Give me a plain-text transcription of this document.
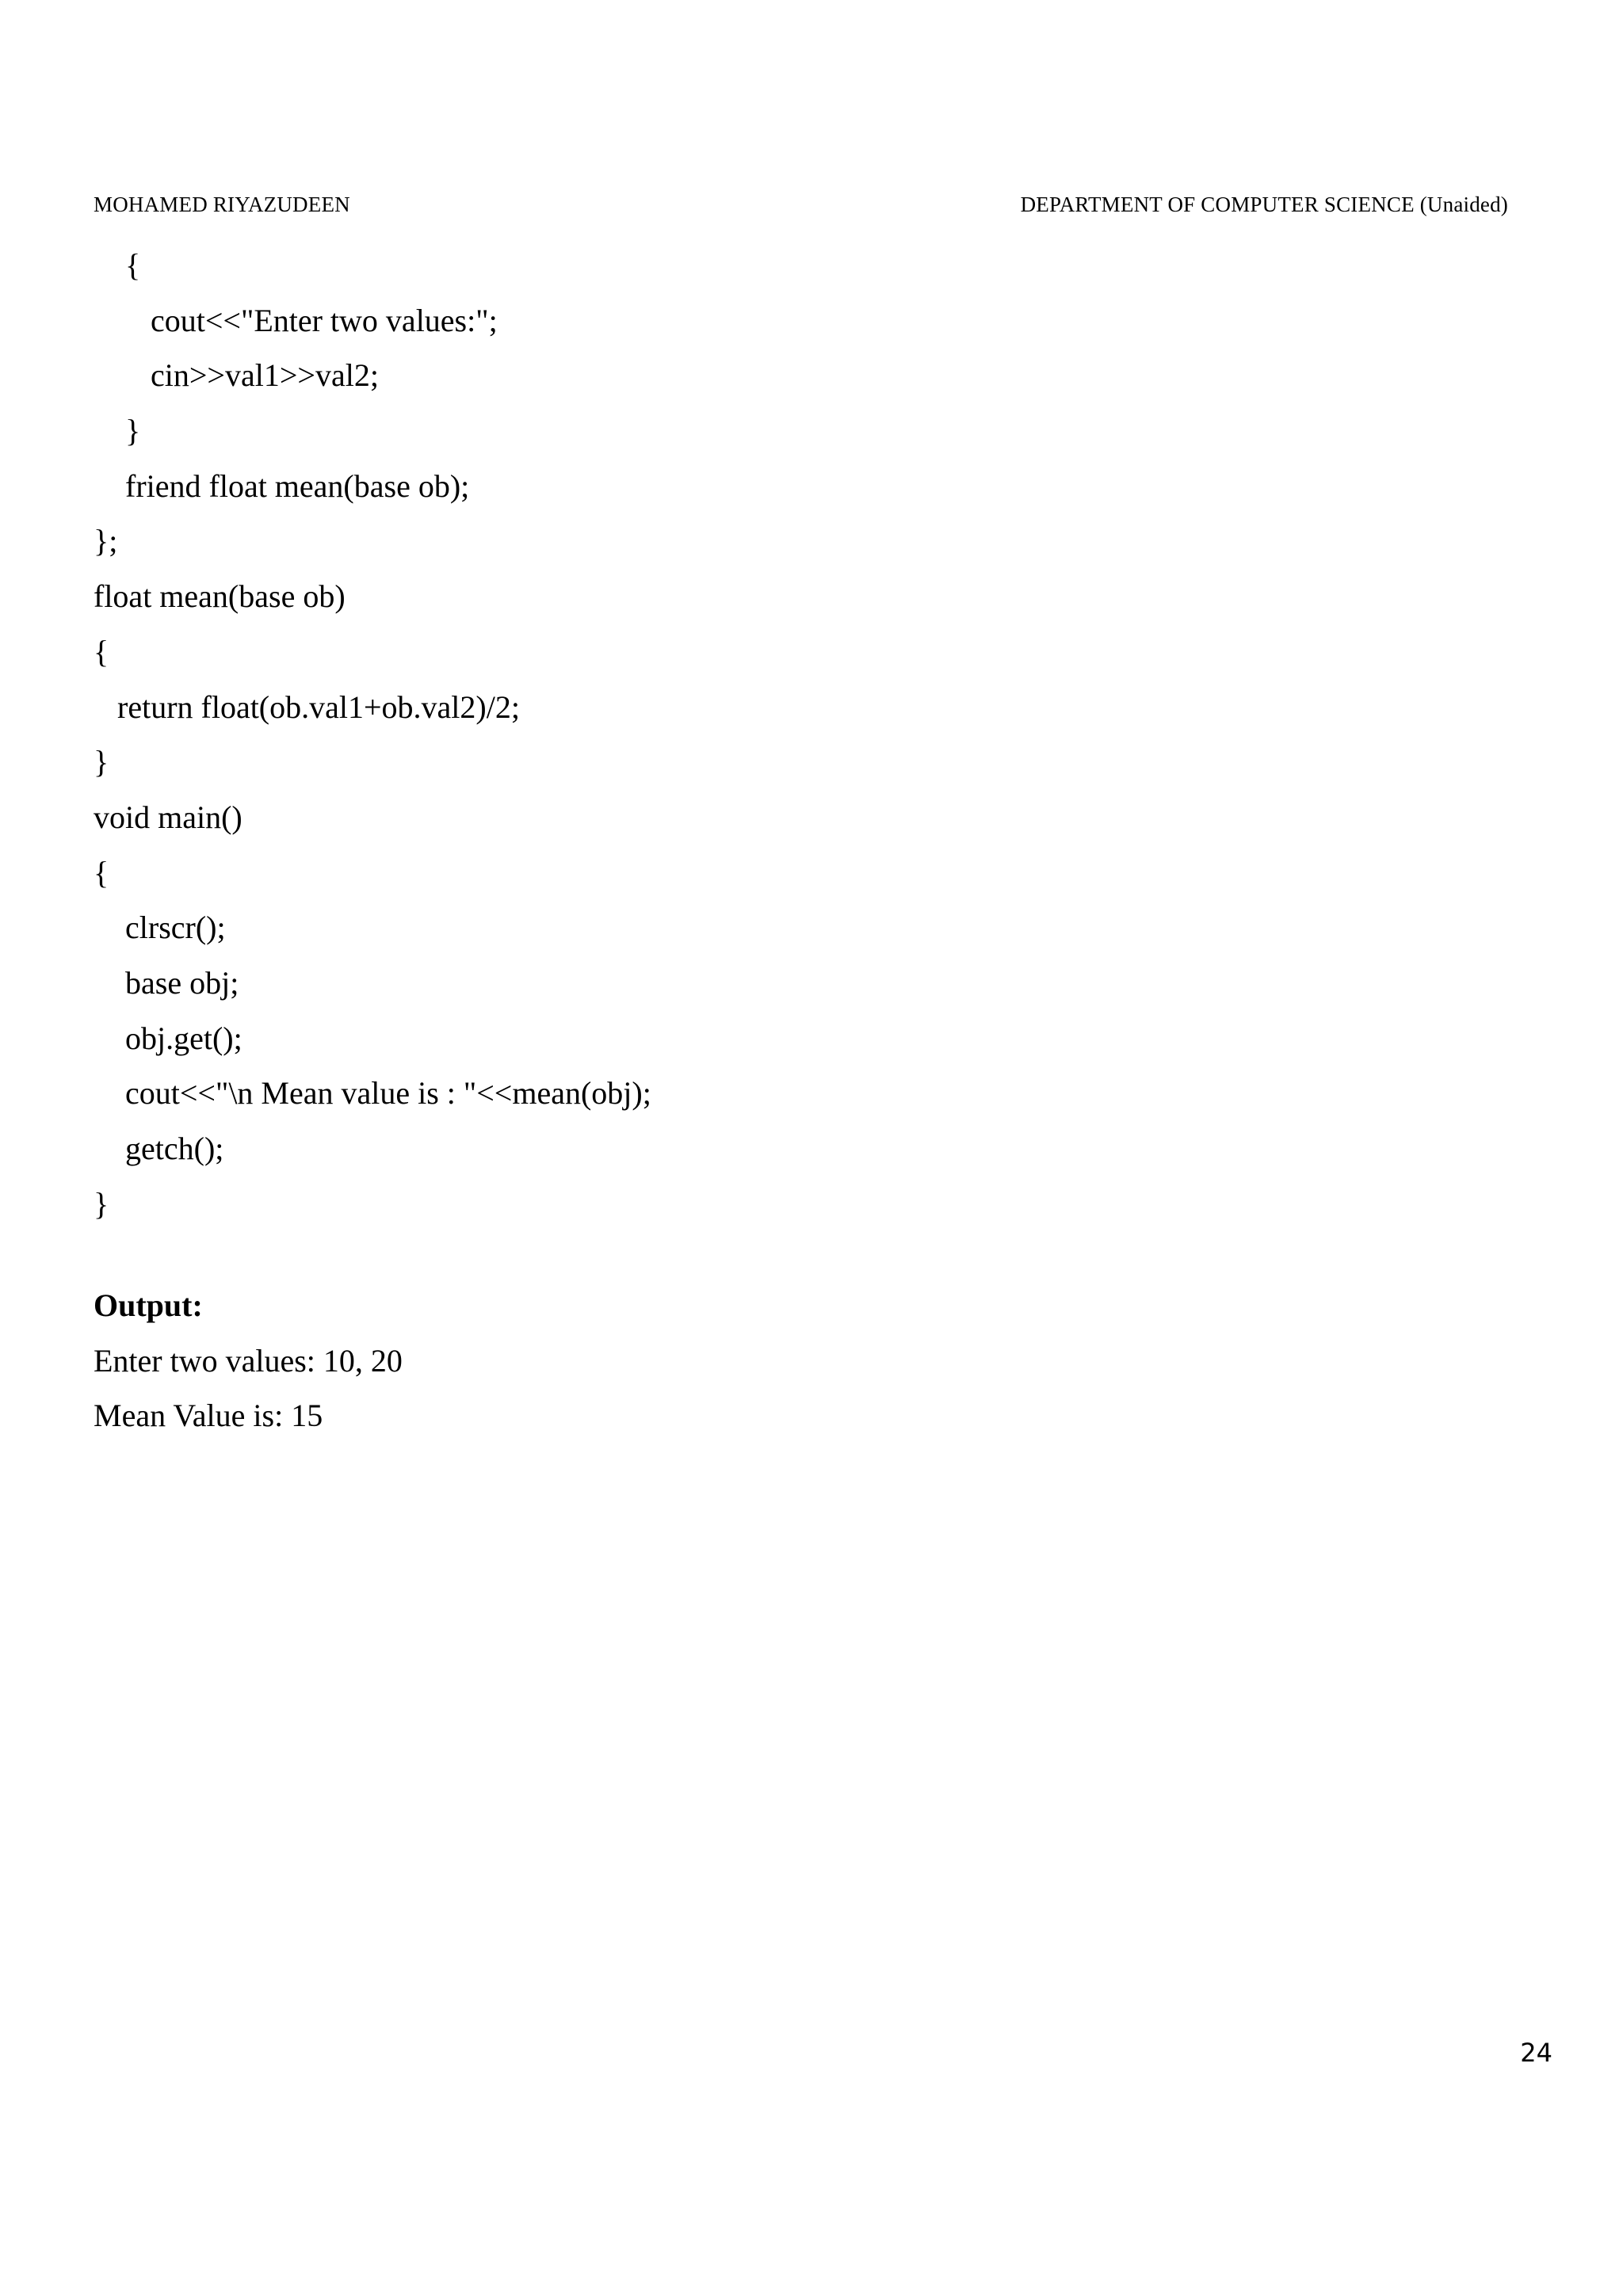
MOHAMED RIYAZUDEEN	DEPARTMENT OF COMPUTER SCIENCE (Unaided)
{
cout<<"Enter two values:";
cin>>val1>>val2;
}
friend float mean(base ob);
};
float mean(base ob)
{
return float(ob.val1+ob.val2)/2;
}
void main()
{
clrscr();
base obj;
obj.get();
cout<<"\n Mean value is : "<<mean(obj);
getch();
}
Output:
Enter two values: 10, 20
Mean Value is: 15
24
